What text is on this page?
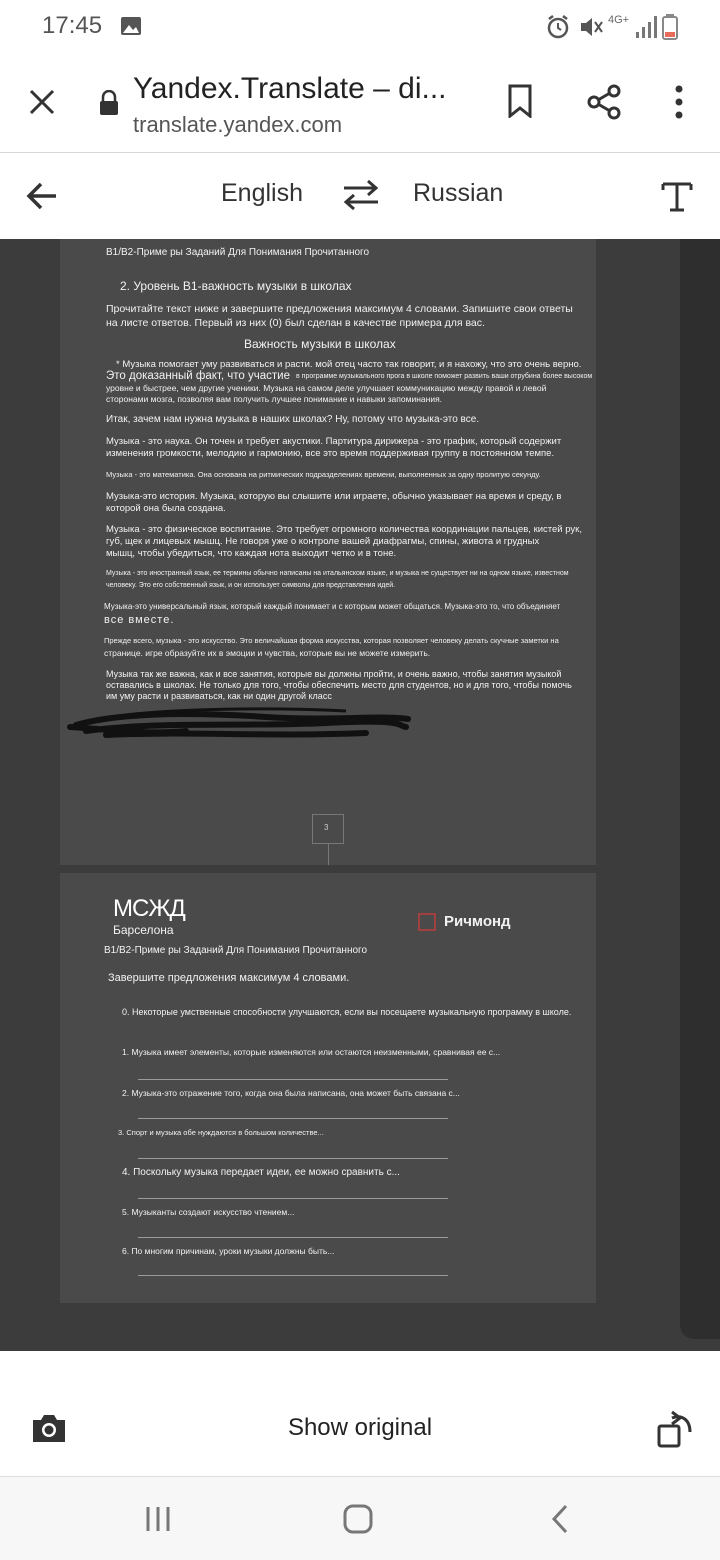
17:45	4G+
Yandex.Translate – di...
translate.yandex.com
English	Russian
B1/B2-Приме ры Заданий Для Понимания Прочитанного
2. Уровень В1-важность музыки в школах
Прочитайте текст ниже и завершите предложения максимум 4 словами. Запишите свои ответы
на листе ответов. Первый из них (0) был сделан в качестве примера для вас.
Важность музыки в школах
* Музыка помогает уму развиваться и расти. мой отец часто так говорит, и я нахожу, что это очень верно.
Это доказанный факт, что участие в программе музыкального прога в школе поможет развить ваши отрубина более высоком
уровне и быстрее, чем другие ученики. Музыка на самом деле улучшает коммуникацию между правой и левой
сторонами мозга, позволяя вам получить лучшее понимание и навыки запоминания.
Итак, зачем нам нужна музыка в наших школах? Ну, потому что музыка-это все.
Музыка - это наука. Он точен и требует акустики. Партитура дирижера - это график, который содержит
изменения громкости, мелодию и гармонию, все это время поддерживая группу в постоянном темпе.
Музыка - это математика. Она основана на ритмических подразделениях времени, выполненных за одну пролитую секунду.
Музыка-это история. Музыка, которую вы слышите или играете, обычно указывает на время и среду, в
которой она была создана.
Музыка - это физическое воспитание. Это требует огромного количества координации пальцев, кистей рук,
губ, щек и лицевых мышц. Не говоря уже о контроле вашей диафрагмы, спины, живота и грудных
мышц, чтобы убедиться, что каждая нота выходит четко и в тоне.
Музыка - это иностранный язык, ее термины обычно написаны на итальянском языке, и музыка не существует ни на одном языке, известном
человеку. Это его собственный язык, и он использует символы для представления идей.
Музыка-это универсальный язык, который каждый понимает и с которым может общаться. Музыка-это то, что объединяет
все вместе.
Прежде всего, музыка - это искусство. Это величайшая форма искусства, которая позволяет человеку делать скучные заметки на
странице. игре образуйте их в эмоции и чувства, которые вы не можете измерить.
Музыка так же важна, как и все занятия, которые вы должны пройти, и очень важно, чтобы занятия музыкой
оставались в школах. Не только для того, чтобы обеспечить место для студентов, но и для того, чтобы помочь
им уму расти и развиваться, как ни один другой класс
3
МСЖД
Барселона	Ричмонд
B1/B2-Приме ры Заданий Для Понимания Прочитанного
Завершите предложения максимум 4 словами.
0. Некоторые умственные способности улучшаются, если вы посещаете музыкальную программу в школе.
1. Музыка имеет элементы, которые изменяются или остаются неизменными, сравнивая ее с...
2. Музыка-это отражение того, когда она была написана, она может быть связана с...
3. Спорт и музыка обе нуждаются в большом количестве...
4. Поскольку музыка передает идеи, ее можно сравнить с...
5. Музыканты создают искусство чтением...
6. По многим причинам, уроки музыки должны быть...
Show original
